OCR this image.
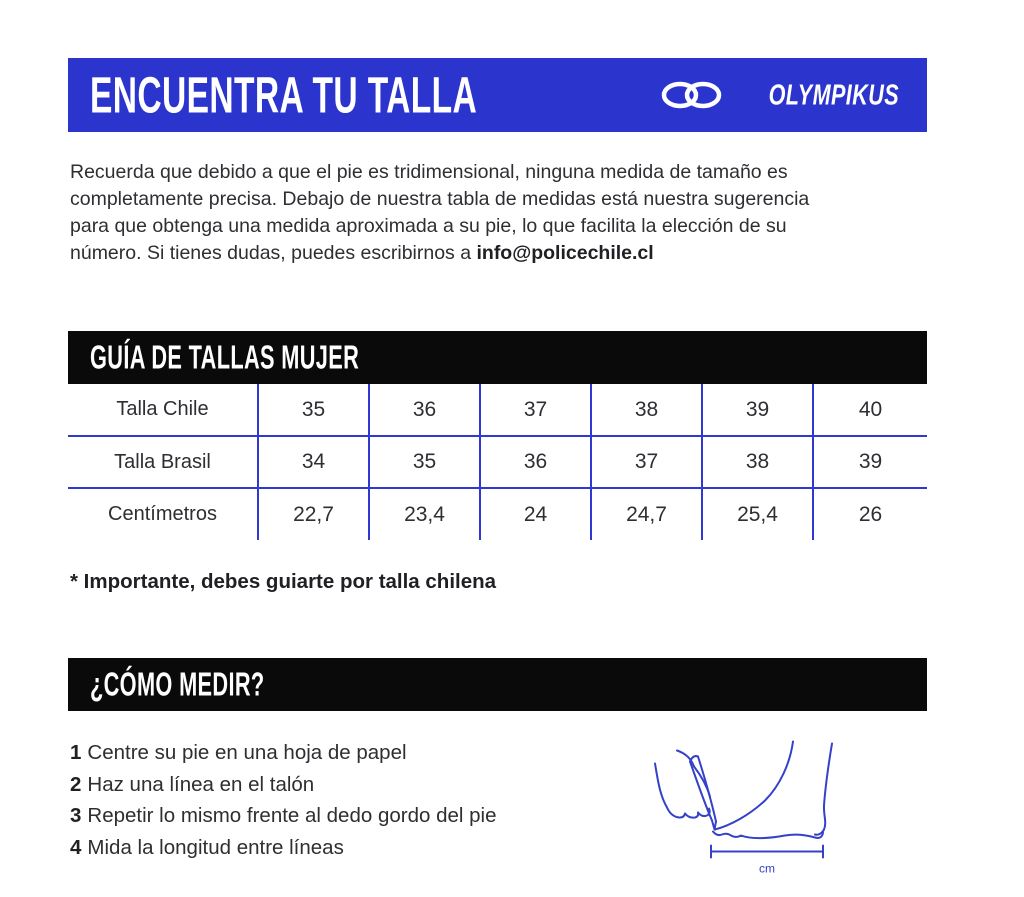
ENCUENTRA TU TALLA	OLYMPIKUS

Recuerda que debido a que el pie es tridimensional, ninguna medida de tamaño es
completamente precisa. Debajo de nuestra tabla de medidas está nuestra sugerencia
para que obtenga una medida aproximada a su pie, lo que facilita la elección de su
número. Si tienes dudas, puedes escribirnos a info@policechile.cl

GUÍA DE TALLAS MUJER
Talla Chile	35	36	37	38	39	40
Talla Brasil	34	35	36	37	38	39
Centímetros	22,7	23,4	24	24,7	25,4	26

* Importante, debes guiarte por talla chilena

¿CÓMO MEDIR?
1 Centre su pie en una hoja de papel
2 Haz una línea en el talón
3 Repetir lo mismo frente al dedo gordo del pie
4 Mida la longitud entre líneas
cm
